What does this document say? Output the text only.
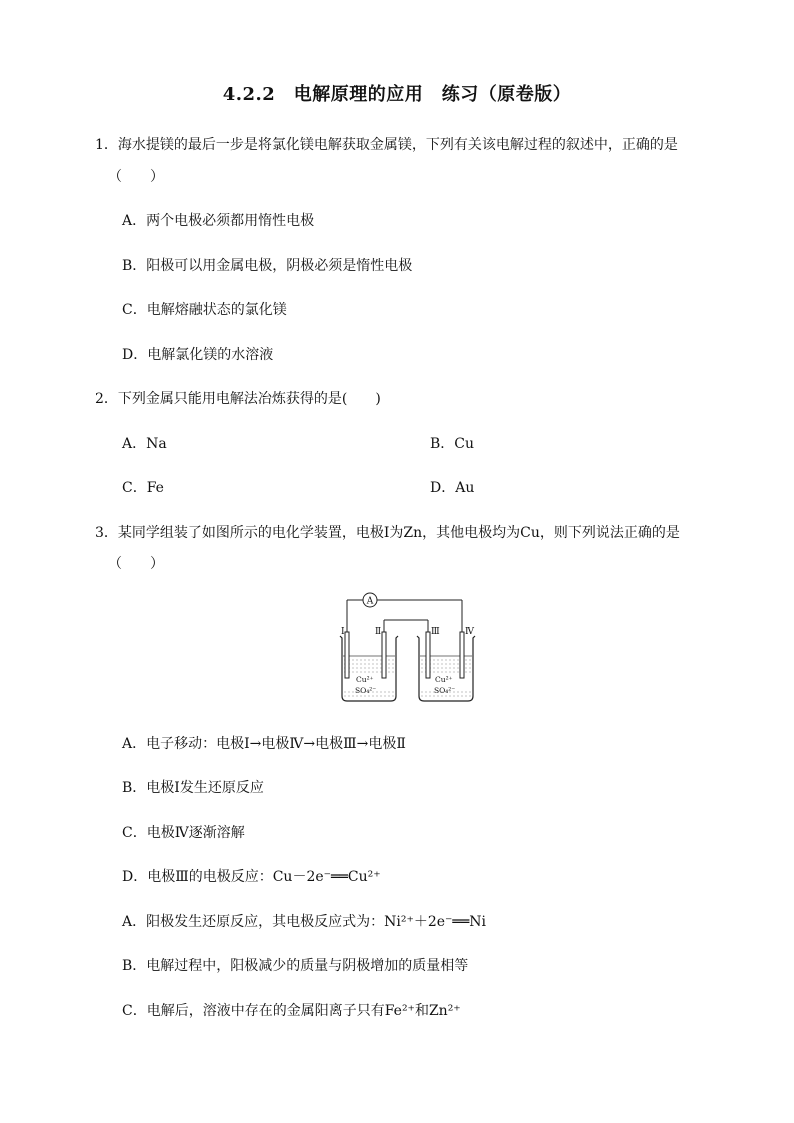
4.2.2　电解原理的应用　练习（原卷版）
1．海水提镁的最后一步是将氯化镁电解获取金属镁，下列有关该电解过程的叙述中，正确的是
（　　）
A．两个电极必须都用惰性电极
B．阳极可以用金属电极，阴极必须是惰性电极
C．电解熔融状态的氯化镁
D．电解氯化镁的水溶液
2．下列金属只能用电解法冶炼获得的是(　　)
A．Na	B．Cu
C．Fe	D．Au
3．某同学组装了如图所示的电化学装置，电极Ⅰ为Zn，其他电极均为Cu，则下列说法正确的是
（　　）
A
Ⅰ	Ⅱ	Ⅲ	Ⅳ
Cu²⁺
SO₄²⁻
Cu²⁺
SO₄²⁻
A．电子移动：电极Ⅰ→电极Ⅳ→电极Ⅲ→电极Ⅱ
B．电极Ⅰ发生还原反应
C．电极Ⅳ逐渐溶解
D．电极Ⅲ的电极反应：Cu－2e⁻══Cu²⁺
A．阳极发生还原反应，其电极反应式为：Ni²⁺＋2e⁻══Ni
B．电解过程中，阳极减少的质量与阴极增加的质量相等
C．电解后，溶液中存在的金属阳离子只有Fe²⁺和Zn²⁺
